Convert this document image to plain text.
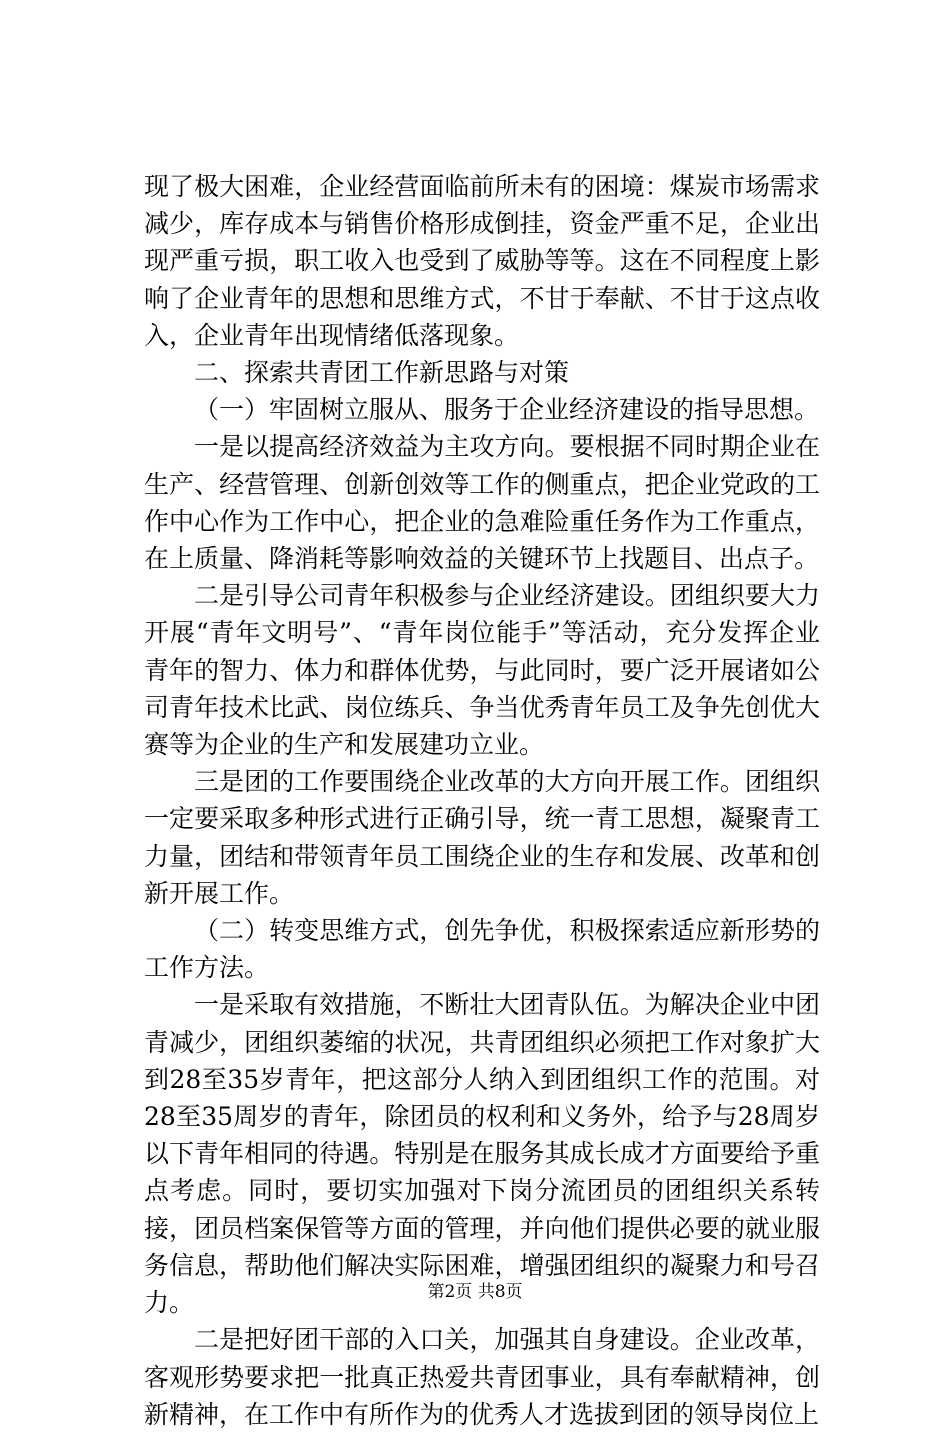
现了极大困难，企业经营面临前所未有的困境：煤炭市场需求减少，库存成本与销售价格形成倒挂，资金严重不足，企业出现严重亏损，职工收入也受到了威胁等等。这在不同程度上影响了企业青年的思想和思维方式，不甘于奉献、不甘于这点收入，企业青年出现情绪低落现象。

二、探索共青团工作新思路与对策

（一）牢固树立服从、服务于企业经济建设的指导思想。

一是以提高经济效益为主攻方向。要根据不同时期企业在生产、经营管理、创新创效等工作的侧重点，把企业党政的工作中心作为工作中心，把企业的急难险重任务作为工作重点，在上质量、降消耗等影响效益的关键环节上找题目、出点子。

二是引导公司青年积极参与企业经济建设。团组织要大力开展“青年文明号”、“青年岗位能手”等活动，充分发挥企业青年的智力、体力和群体优势，与此同时，要广泛开展诸如公司青年技术比武、岗位练兵、争当优秀青年员工及争先创优大赛等为企业的生产和发展建功立业。

三是团的工作要围绕企业改革的大方向开展工作。团组织一定要采取多种形式进行正确引导，统一青工思想，凝聚青工力量，团结和带领青年员工围绕企业的生存和发展、改革和创新开展工作。

（二）转变思维方式，创先争优，积极探索适应新形势的工作方法。

一是采取有效措施，不断壮大团青队伍。为解决企业中团青减少，团组织萎缩的状况，共青团组织必须把工作对象扩大到28至35岁青年，把这部分人纳入到团组织工作的范围。对28至35周岁的青年，除团员的权利和义务外，给予与28周岁以下青年相同的待遇。特别是在服务其成长成才方面要给予重点考虑。同时，要切实加强对下岗分流团员的团组织关系转接，团员档案保管等方面的管理，并向他们提供必要的就业服务信息，帮助他们解决实际困难，增强团组织的凝聚力和号召力。

二是把好团干部的入口关，加强其自身建设。企业改革，客观形势要求把一批真正热爱共青团事业，具有奉献精神，创新精神，在工作中有所作为的优秀人才选拔到团的领导岗位上

第2页 共8页
